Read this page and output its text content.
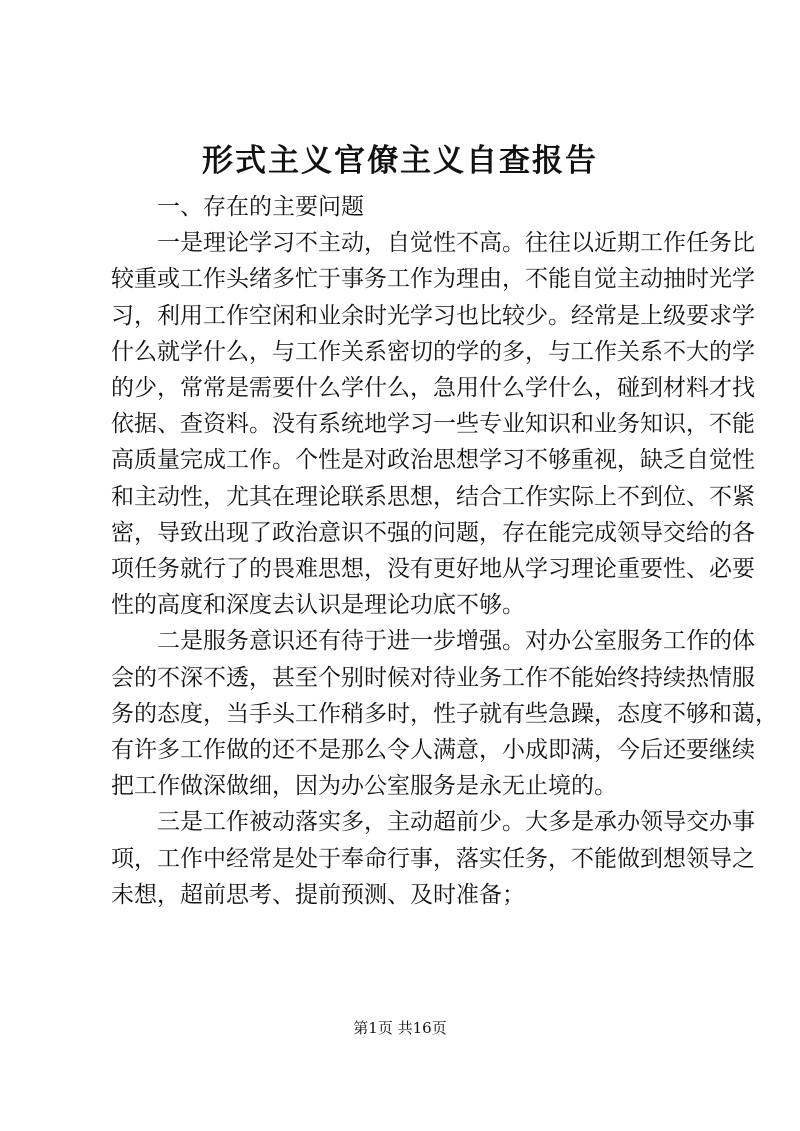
形式主义官僚主义自查报告
一、存在的主要问题
一是理论学习不主动，自觉性不高。往往以近期工作任务比
较重或工作头绪多忙于事务工作为理由，不能自觉主动抽时光学
习，利用工作空闲和业余时光学习也比较少。经常是上级要求学
什么就学什么，与工作关系密切的学的多，与工作关系不大的学
的少，常常是需要什么学什么，急用什么学什么，碰到材料才找
依据、查资料。没有系统地学习一些专业知识和业务知识，不能
高质量完成工作。个性是对政治思想学习不够重视，缺乏自觉性
和主动性，尤其在理论联系思想，结合工作实际上不到位、不紧
密，导致出现了政治意识不强的问题，存在能完成领导交给的各
项任务就行了的畏难思想，没有更好地从学习理论重要性、必要
性的高度和深度去认识是理论功底不够。
二是服务意识还有待于进一步增强。对办公室服务工作的体
会的不深不透，甚至个别时候对待业务工作不能始终持续热情服
务的态度，当手头工作稍多时，性子就有些急躁，态度不够和蔼，
有许多工作做的还不是那么令人满意，小成即满，今后还要继续
把工作做深做细，因为办公室服务是永无止境的。
三是工作被动落实多，主动超前少。大多是承办领导交办事
项，工作中经常是处于奉命行事，落实任务，不能做到想领导之
未想，超前思考、提前预测、及时准备；
第1页 共16页
